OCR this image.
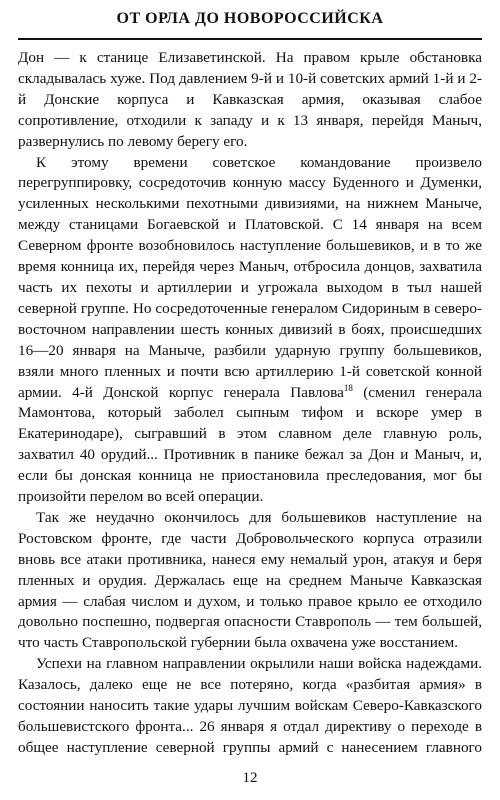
ОТ ОРЛА ДО НОВОРОССИЙСКА

Дон — к станице Елизаветинской. На правом крыле обстановка складывалась хуже. Под давлением 9-й и 10-й советских армий 1-й и 2-й Донские корпуса и Кавказская армия, оказывая слабое сопротивление, отходили к западу и к 13 января, перейдя Маныч, развернулись по левому берегу его.

К этому времени советское командование произвело перегруппировку, сосредоточив конную массу Буденного и Думенки, усиленных несколькими пехотными дивизиями, на нижнем Маныче, между станицами Богаевской и Платовской. С 14 января на всем Северном фронте возобновилось наступление большевиков, и в то же время конница их, перейдя через Маныч, отбросила донцов, захватила часть их пехоты и артиллерии и угрожала выходом в тыл нашей северной группе. Но сосредоточенные генералом Сидориным в северо-восточном направлении шесть конных дивизий в боях, происшедших 16—20 января на Маныче, разбили ударную группу большевиков, взяли много пленных и почти всю артиллерию 1-й советской конной армии. 4-й Донской корпус генерала Павлова$^{18}$ (сменил генерала Мамонтова, который заболел сыпным тифом и вскоре умер в Екатеринодаре), сыгравший в этом славном деле главную роль, захватил 40 орудий... Противник в панике бежал за Дон и Маныч, и, если бы донская конница не приостановила преследования, мог бы произойти перелом во всей операции.

Так же неудачно окончилось для большевиков наступление на Ростовском фронте, где части Добровольческого корпуса отразили вновь все атаки противника, нанеся ему немалый урон, атакуя и беря пленных и орудия. Держалась еще на среднем Маныче Кавказская армия — слабая числом и духом, и только правое крыло ее отходило довольно поспешно, подвергая опасности Ставрополь — тем большей, что часть Ставропольской губернии была охвачена уже восстанием.

Успехи на главном направлении окрылили наши войска надеждами. Казалось, далеко еще не все потеряно, когда «разбитая армия» в состоянии наносить такие удары лучшим войскам Северо-Кавказского большевистского фронта... 26 января я отдал директиву о переходе в общее наступление северной группы армий с нанесением главного

12
